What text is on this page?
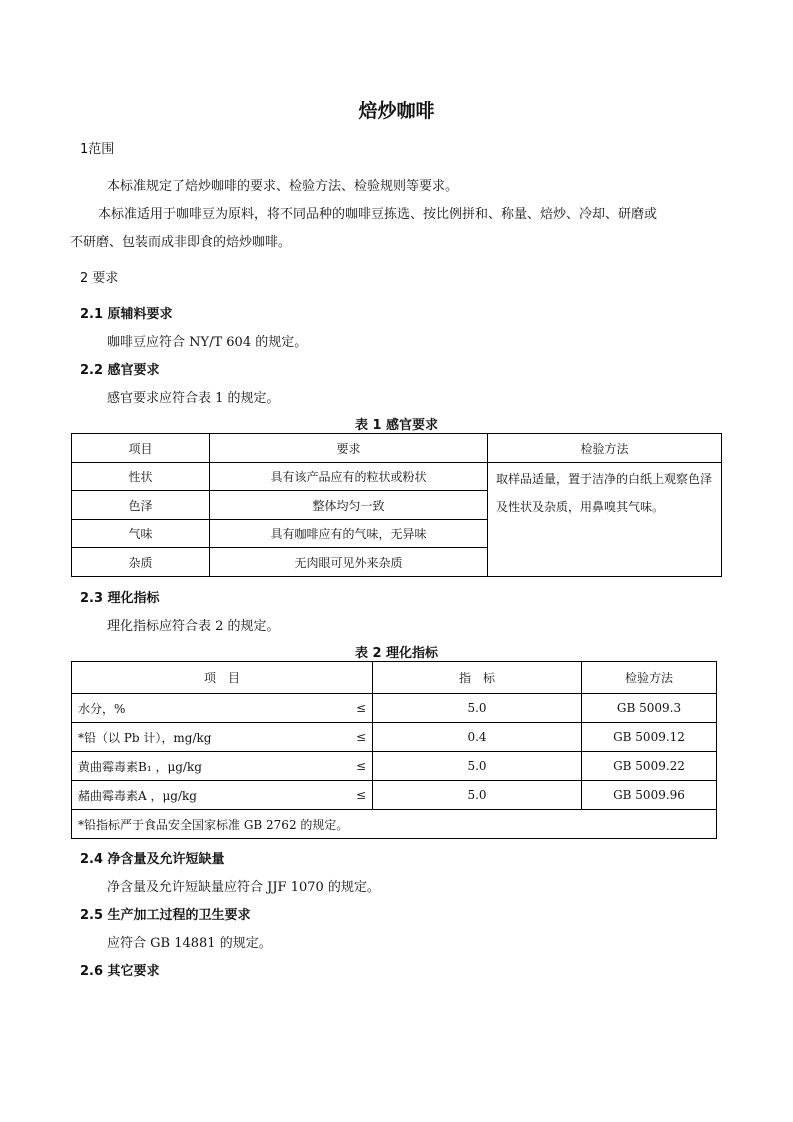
焙炒咖啡
1范围
本标准规定了焙炒咖啡的要求、检验方法、检验规则等要求。
本标准适用于咖啡豆为原料，将不同品种的咖啡豆拣选、按比例拼和、称量、焙炒、冷却、研磨或
不研磨、包装而成非即食的焙炒咖啡。
2 要求
2.1 原辅料要求
咖啡豆应符合 NY/T 604 的规定。
2.2 感官要求
感官要求应符合表 1 的规定。
表 1 感官要求
项目	要求	检验方法
性状	具有该产品应有的粒状或粉状	取样品适量，置于洁净的白纸上观察色泽及性状及杂质，用鼻嗅其气味。
色泽	整体均匀一致	
气味	具有咖啡应有的气味，无异味	
杂质	无肉眼可见外来杂质	
2.3 理化指标
理化指标应符合表 2 的规定。
表 2 理化指标
项　目	指　标	检验方法

水分，% ≤	5.0	GB 5009.3

*铅（以 Pb 计），mg/kg ≤	0.4	GB 5009.12

黄曲霉毒素B₁ ，μg/kg ≤	5.0	GB 5009.22

赭曲霉毒素A ，μg/kg ≤	5.0	GB 5009.96
*铅指标严于食品安全国家标准 GB 2762 的规定。		
2.4 净含量及允许短缺量
净含量及允许短缺量应符合 JJF 1070 的规定。
2.5 生产加工过程的卫生要求
应符合 GB 14881 的规定。
2.6 其它要求
